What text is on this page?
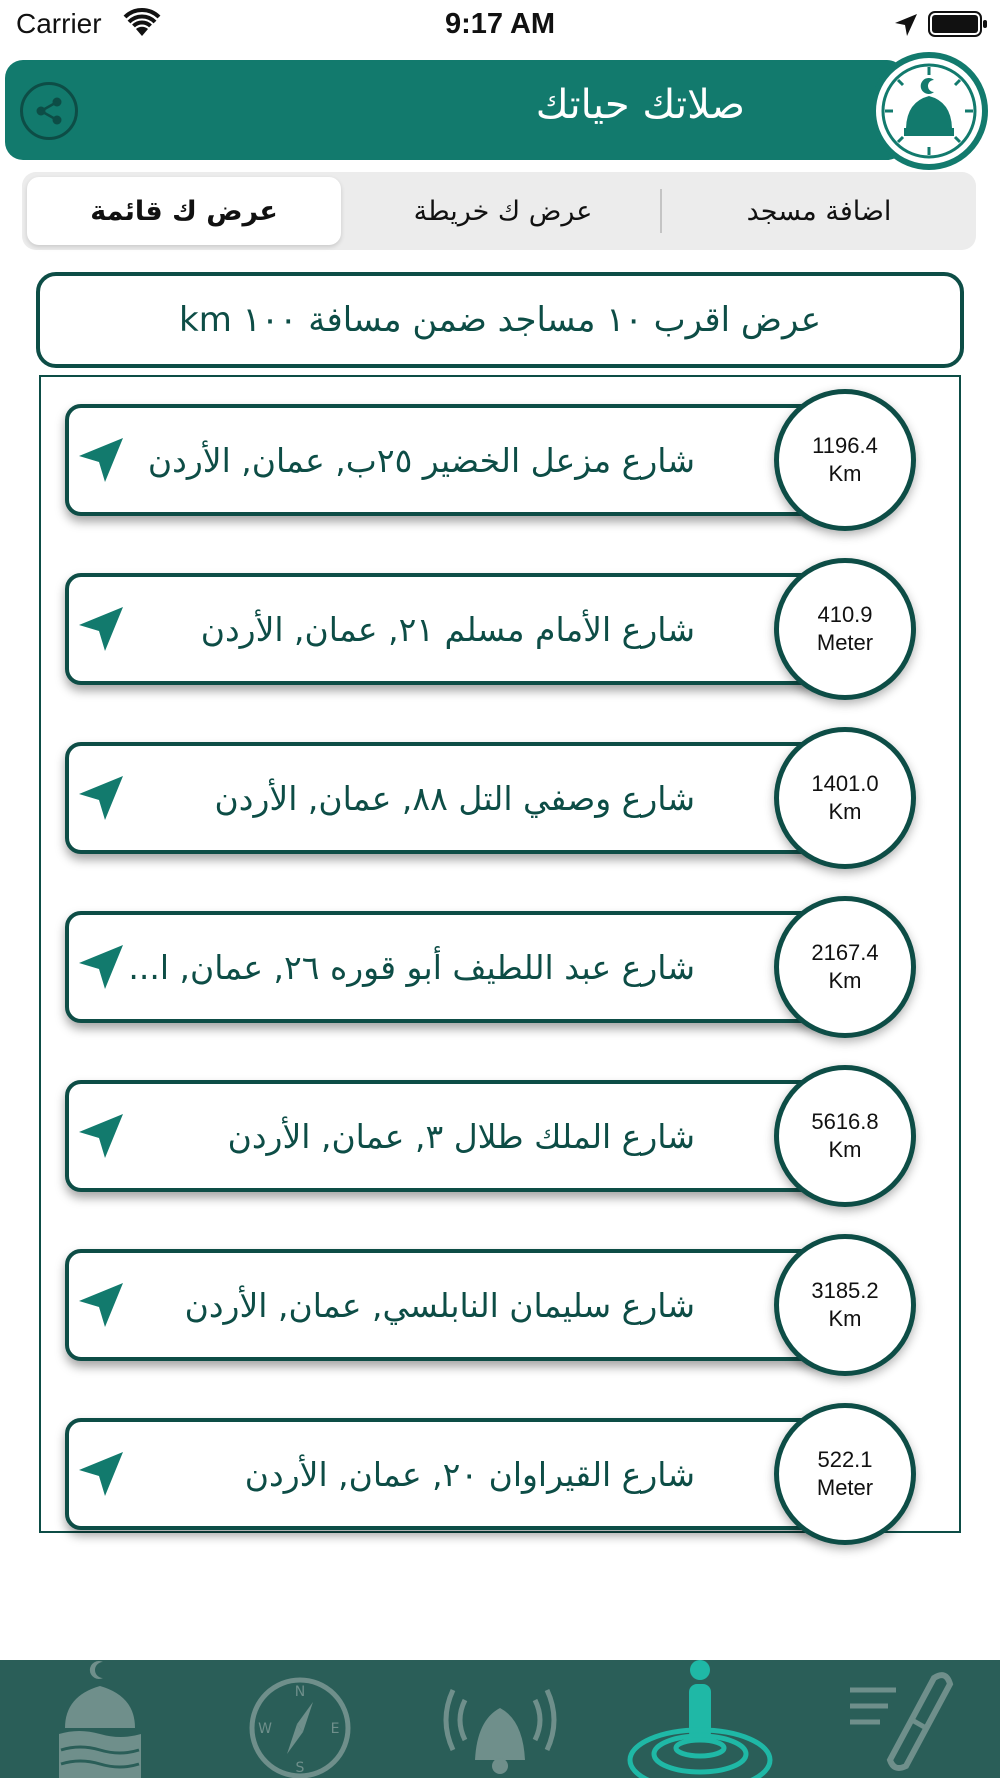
Carrier	9:17 AM
صلاتك حياتك
عرض ك قائمة	عرض ك خريطة	اضافة مسجد
عرض اقرب ١٠ مساجد ضمن مسافة ١٠٠ km
شارع مزعل الخضير ٢٥ب, عمان, الأردن	1196.4
Km
شارع الأمام مسلم ٢١, عمان, الأردن	410.9
Meter
شارع وصفي التل ٨٨, عمان, الأردن	1401.0
Km
شارع عبد اللطيف أبو قوره ٢٦, عمان, ا...	2167.4
Km
شارع الملك طلال ٣, عمان, الأردن	5616.8
Km
شارع سليمان النابلسي, عمان, الأردن	3185.2
Km
شارع القيراوان ٢٠, عمان, الأردن	522.1
Meter
N
S
W	E
